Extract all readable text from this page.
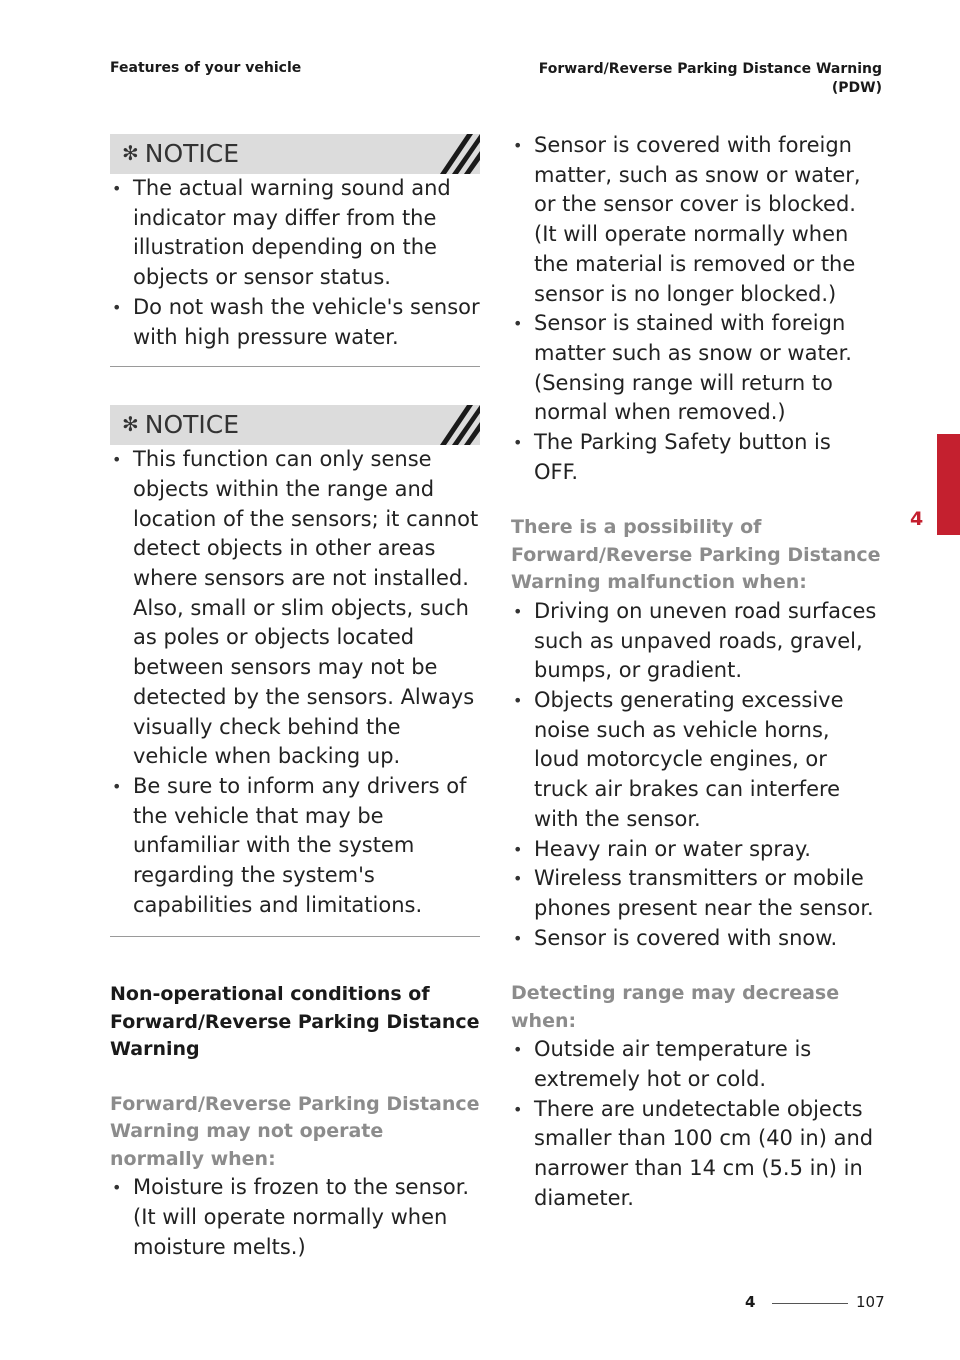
Features of your vehicle	Forward/Reverse Parking Distance Warning
(PDW)
✻ NOTICE
• The actual warning sound and indicator may differ from the illustration depending on the objects or sensor status.
• Do not wash the vehicle's sensor with high pressure water.
✻ NOTICE
• This function can only sense objects within the range and location of the sensors; it cannot detect objects in other areas where sensors are not installed. Also, small or slim objects, such as poles or objects located between sensors may not be detected by the sensors. Always visually check behind the vehicle when backing up.
• Be sure to inform any drivers of the vehicle that may be unfamiliar with the system regarding the system's capabilities and limitations.
Non-operational conditions of Forward/Reverse Parking Distance Warning
Forward/Reverse Parking Distance Warning may not operate normally when:
• Moisture is frozen to the sensor. (It will operate normally when moisture melts.)
• Sensor is covered with foreign matter, such as snow or water, or the sensor cover is blocked. (It will operate normally when the material is removed or the sensor is no longer blocked.)
• Sensor is stained with foreign matter such as snow or water. (Sensing range will return to normal when removed.)
• The Parking Safety button is OFF.
There is a possibility of Forward/Reverse Parking Distance Warning malfunction when:
• Driving on uneven road surfaces such as unpaved roads, gravel, bumps, or gradient.
• Objects generating excessive noise such as vehicle horns, loud motorcycle engines, or truck air brakes can interfere with the sensor.
• Heavy rain or water spray.
• Wireless transmitters or mobile phones present near the sensor.
• Sensor is covered with snow.
Detecting range may decrease when:
• Outside air temperature is extremely hot or cold.
• There are undetectable objects smaller than 100 cm (40 in) and narrower than 14 cm (5.5 in) in diameter.
4
4	107
